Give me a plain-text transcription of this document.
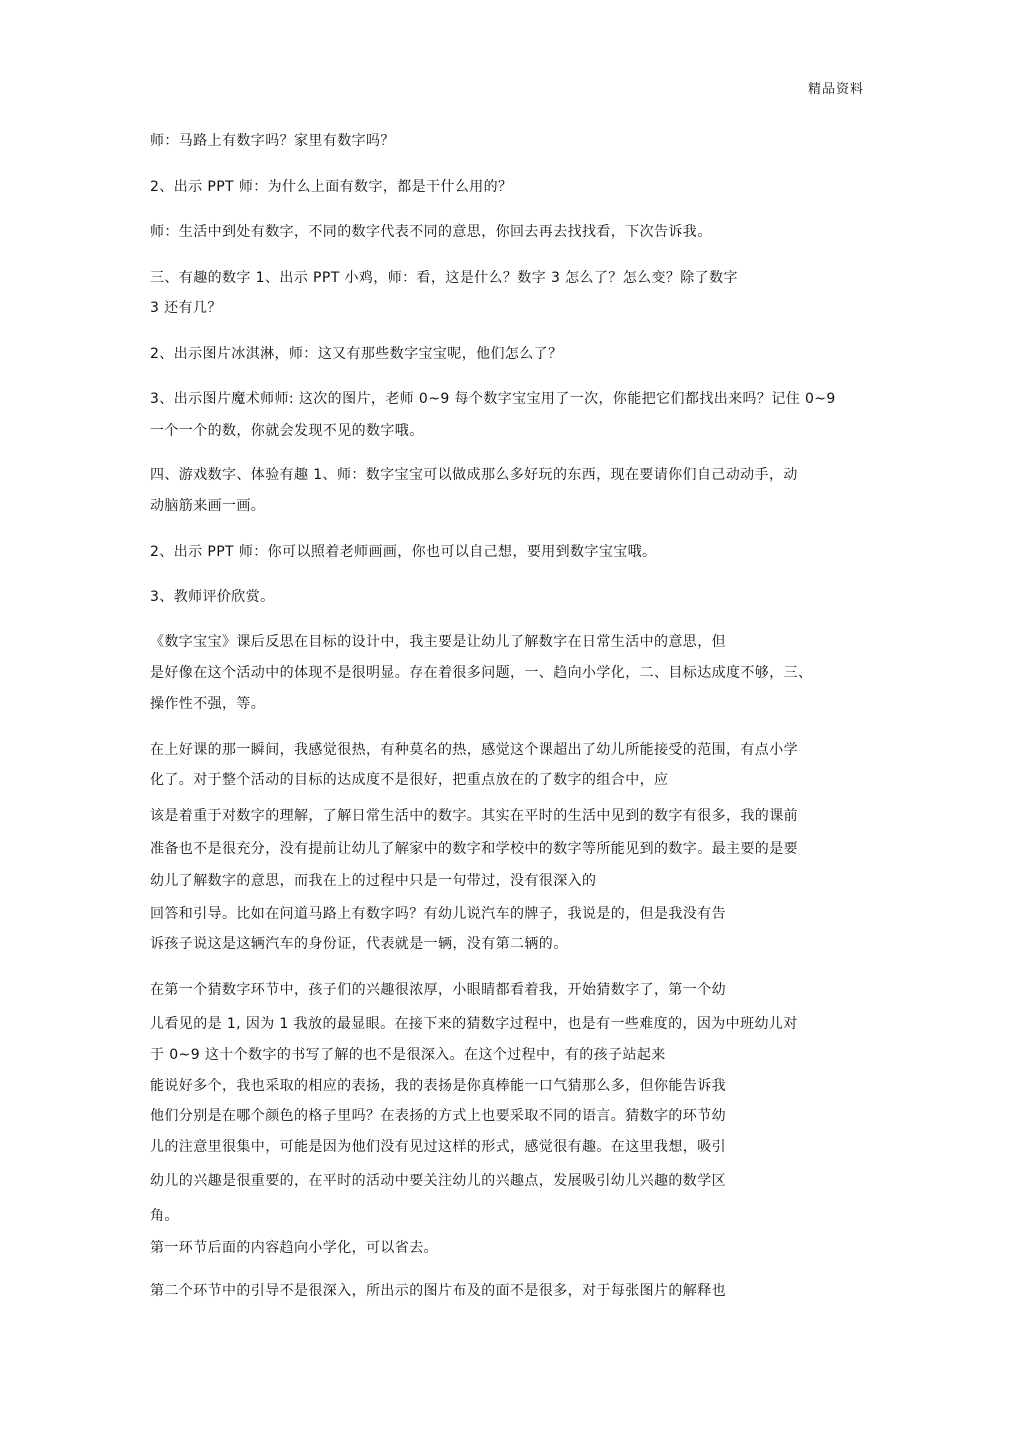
精品资料
师：马路上有数字吗？家里有数字吗？
2、出示 PPT 师：为什么上面有数字，都是干什么用的？
师：生活中到处有数字，不同的数字代表不同的意思，你回去再去找找看，下次告诉我。
三、有趣的数字 1、出示 PPT 小鸡，师：看，这是什么？数字 3 怎么了？怎么变？除了数字
3 还有几？
2、出示图片冰淇淋，师：这又有那些数字宝宝呢，他们怎么了？
3、出示图片魔术师师: 这次的图片，老师 0~9 每个数字宝宝用了一次，你能把它们都找出来吗？记住 0~9
一个一个的数，你就会发现不见的数字哦。
四、游戏数字、体验有趣 1、师：数字宝宝可以做成那么多好玩的东西，现在要请你们自己动动手，动
动脑筋来画一画。
2、出示 PPT 师：你可以照着老师画画，你也可以自己想，要用到数字宝宝哦。
3、教师评价欣赏。
《数字宝宝》课后反思在目标的设计中，我主要是让幼儿了解数字在日常生活中的意思，但
是好像在这个活动中的体现不是很明显。存在着很多问题，一、趋向小学化，二、目标达成度不够，三、
操作性不强，等。
在上好课的那一瞬间，我感觉很热，有种莫名的热，感觉这个课超出了幼儿所能接受的范围，有点小学
化了。对于整个活动的目标的达成度不是很好，把重点放在的了数字的组合中，应
该是着重于对数字的理解，了解日常生活中的数字。其实在平时的生活中见到的数字有很多，我的课前
准备也不是很充分，没有提前让幼儿了解家中的数字和学校中的数字等所能见到的数字。最主要的是要
幼儿了解数字的意思，而我在上的过程中只是一句带过，没有很深入的
回答和引导。比如在问道马路上有数字吗？有幼儿说汽车的牌子，我说是的，但是我没有告
诉孩子说这是这辆汽车的身份证，代表就是一辆，没有第二辆的。
在第一个猜数字环节中，孩子们的兴趣很浓厚，小眼睛都看着我，开始猜数字了，第一个幼
儿看见的是 1, 因为 1 我放的最显眼。在接下来的猜数字过程中，也是有一些难度的，因为中班幼儿对
于 0~9 这十个数字的书写了解的也不是很深入。在这个过程中，有的孩子站起来
能说好多个，我也采取的相应的表扬，我的表扬是你真棒能一口气猜那么多，但你能告诉我
他们分别是在哪个颜色的格子里吗？在表扬的方式上也要采取不同的语言。猜数字的环节幼
儿的注意里很集中，可能是因为他们没有见过这样的形式，感觉很有趣。在这里我想，吸引
幼儿的兴趣是很重要的，在平时的活动中要关注幼儿的兴趣点，发展吸引幼儿兴趣的数学区
角。
第一环节后面的内容趋向小学化，可以省去。
第二个环节中的引导不是很深入，所出示的图片布及的面不是很多，对于每张图片的解释也
